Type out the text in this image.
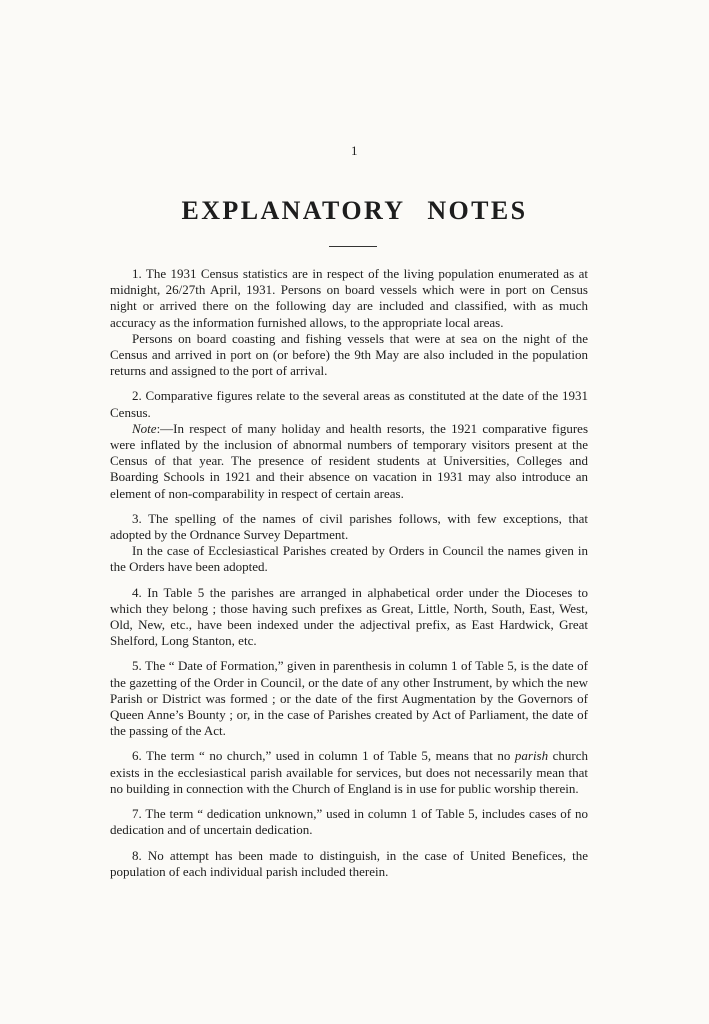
1
EXPLANATORY NOTES

1. The 1931 Census statistics are in respect of the living population enumerated as at midnight, 26/27th April, 1931. Persons on board vessels which were in port on Census night or arrived there on the following day are included and classified, with as much accuracy as the information furnished allows, to the appropriate local areas.

Persons on board coasting and fishing vessels that were at sea on the night of the Census and arrived in port on (or before) the 9th May are also included in the population returns and assigned to the port of arrival.

2. Comparative figures relate to the several areas as constituted at the date of the 1931 Census.

Note:—In respect of many holiday and health resorts, the 1921 comparative figures were inflated by the inclusion of abnormal numbers of temporary visitors present at the Census of that year. The presence of resident students at Universities, Colleges and Boarding Schools in 1921 and their absence on vacation in 1931 may also introduce an element of non-comparability in respect of certain areas.

3. The spelling of the names of civil parishes follows, with few exceptions, that adopted by the Ordnance Survey Department.

In the case of Ecclesiastical Parishes created by Orders in Council the names given in the Orders have been adopted.

4. In Table 5 the parishes are arranged in alphabetical order under the Dioceses to which they belong ; those having such prefixes as Great, Little, North, South, East, West, Old, New, etc., have been indexed under the adjectival prefix, as East Hardwick, Great Shelford, Long Stanton, etc.

5. The “ Date of Formation,” given in parenthesis in column 1 of Table 5, is the date of the gazetting of the Order in Council, or the date of any other Instrument, by which the new Parish or District was formed ; or the date of the first Augmentation by the Governors of Queen Anne’s Bounty ; or, in the case of Parishes created by Act of Parliament, the date of the passing of the Act.

6. The term “ no church,” used in column 1 of Table 5, means that no parish church exists in the ecclesiastical parish available for services, but does not necessarily mean that no building in connection with the Church of England is in use for public worship therein.

7. The term “ dedication unknown,” used in column 1 of Table 5, includes cases of no dedication and of uncertain dedication.

8. No attempt has been made to distinguish, in the case of United Benefices, the population of each individual parish included therein.
